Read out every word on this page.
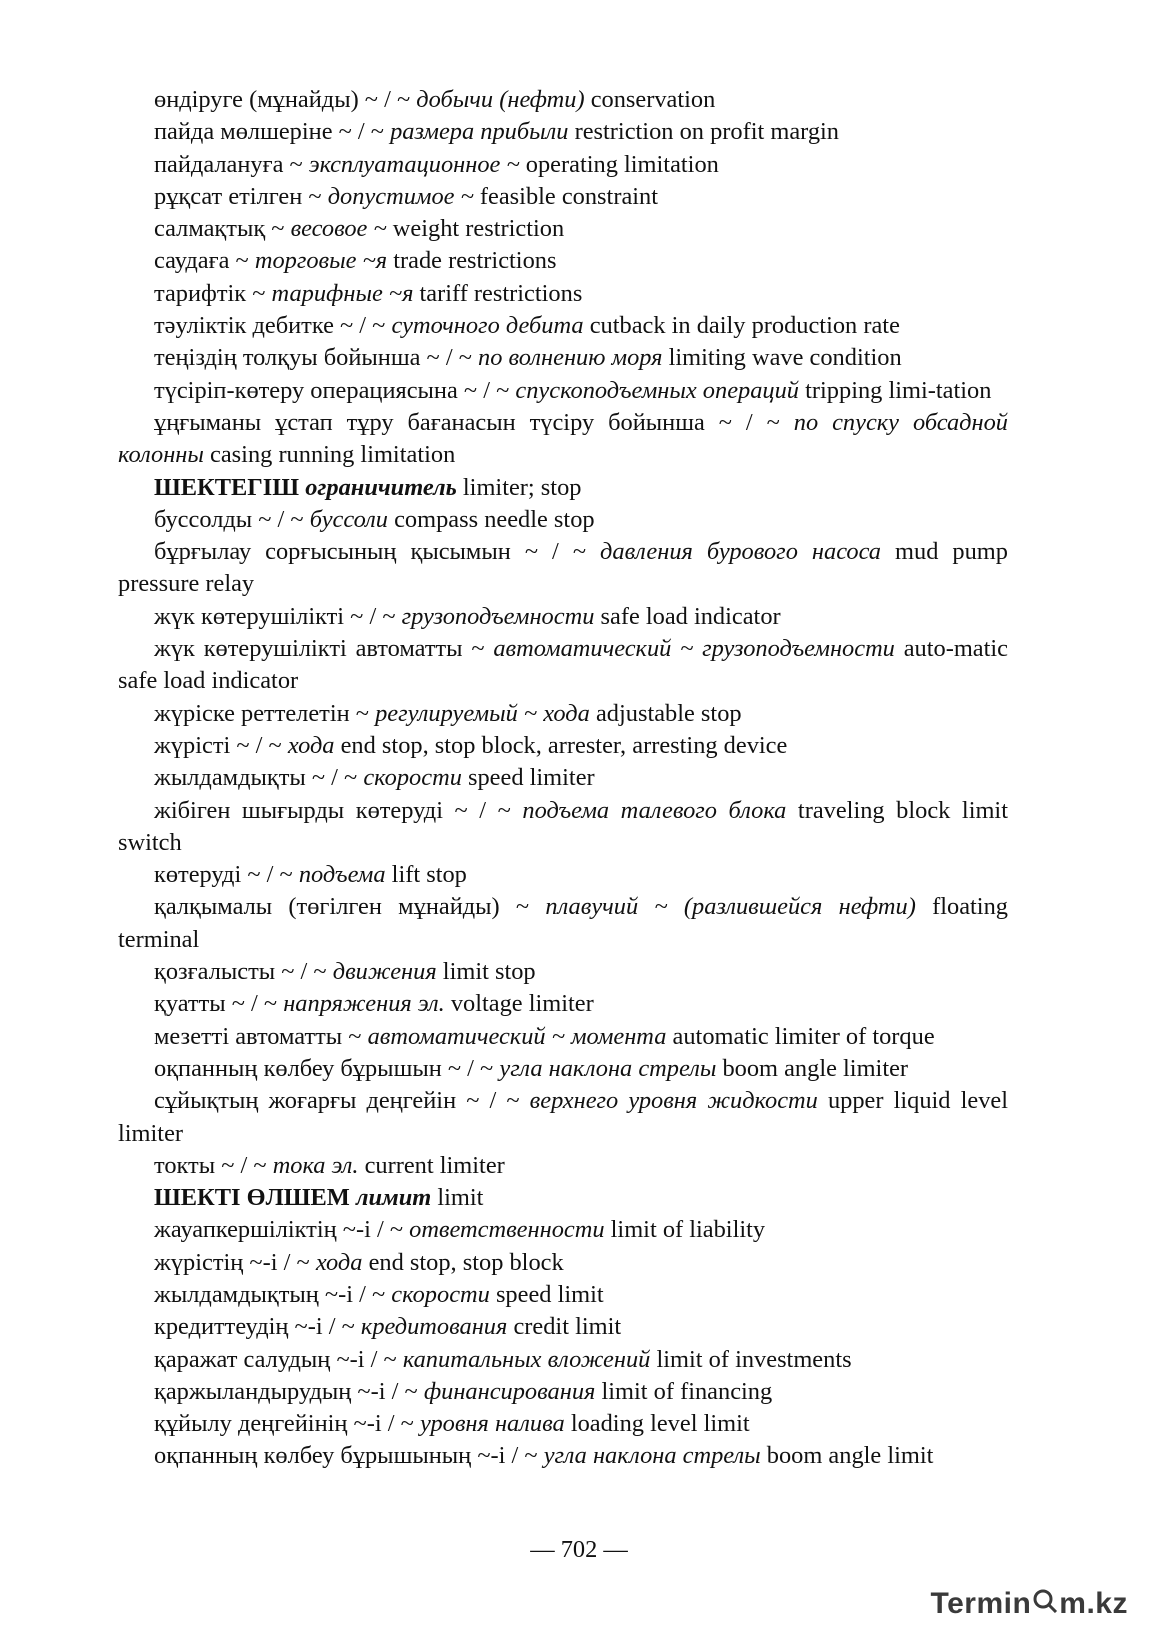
өндіруге (мұнайды) ~ / ~ добычи (нефти) conservation

пайда мөлшеріне ~ / ~ размера прибыли restriction on profit margin

пайдалануға ~ эксплуатационное ~ operating limitation

рұқсат етілген ~ допустимое ~ feasible constraint

салмақтық ~ весовое ~ weight restriction

саудаға ~ торговые ~я trade restrictions

тарифтік ~ тарифные ~я tariff restrictions

тәуліктік дебитке ~ / ~ суточного дебита cutback in daily production rate

теңіздің толқуы бойынша ~ / ~ по волнению моря limiting wave condition

түсіріп-көтеру операциясына ~ / ~ спускоподъемных операций tripping limi-tation

ұңғыманы ұстап тұру бағанасын түсіру бойынша ~ / ~ по спуску обсадной колонны casing running limitation

ШЕКТЕГІШ ограничитель limiter; stop

буссолды ~ / ~ буссоли compass needle stop

бұрғылау сорғысының қысымын ~ / ~ давления бурового насоса mud pump pressure relay

жүк көтерушілікті ~ / ~ грузоподъемности safe load indicator

жүк көтерушілікті автоматты ~ автоматический ~ грузоподъемности auto-matic safe load indicator

жүріске реттелетін ~ регулируемый ~ хода adjustable stop

жүрісті ~ / ~ хода end stop, stop block, arrester, arresting device

жылдамдықты ~ / ~ скорости speed limiter

жібіген шығырды көтеруді ~ / ~ подъема талевого блока traveling block limit switch

көтеруді ~ / ~ подъема lift stop

қалқымалы (төгілген мұнайды) ~ плавучий ~ (разлившейся нефти) floating terminal

қозғалысты ~ / ~ движения limit stop

қуатты ~ / ~ напряжения эл. voltage limiter

мезетті автоматты ~ автоматический ~ момента automatic limiter of torque

оқпанның көлбеу бұрышын ~ / ~ угла наклона стрелы boom angle limiter

сұйықтың жоғарғы деңгейін ~ / ~ верхнего уровня жидкости upper liquid level limiter

токты ~ / ~ тока эл. current limiter

ШЕКТІ ӨЛШЕМ лимит limit

жауапкершіліктің ~-і / ~ ответственности limit of liability

жүрістің ~-і / ~ хода end stop, stop block

жылдамдықтың ~-і / ~ скорости speed limit

кредиттеудің ~-і / ~ кредитования credit limit

қаражат салудың ~-і / ~ капитальных вложений limit of investments

қаржыландырудың ~-і / ~ финансирования limit of financing

құйылу деңгейінің ~-і / ~ уровня налива loading level limit

оқпанның көлбеу бұрышының ~-і / ~ угла наклона стрелы boom angle limit

— 702 —
Termin m.kz
